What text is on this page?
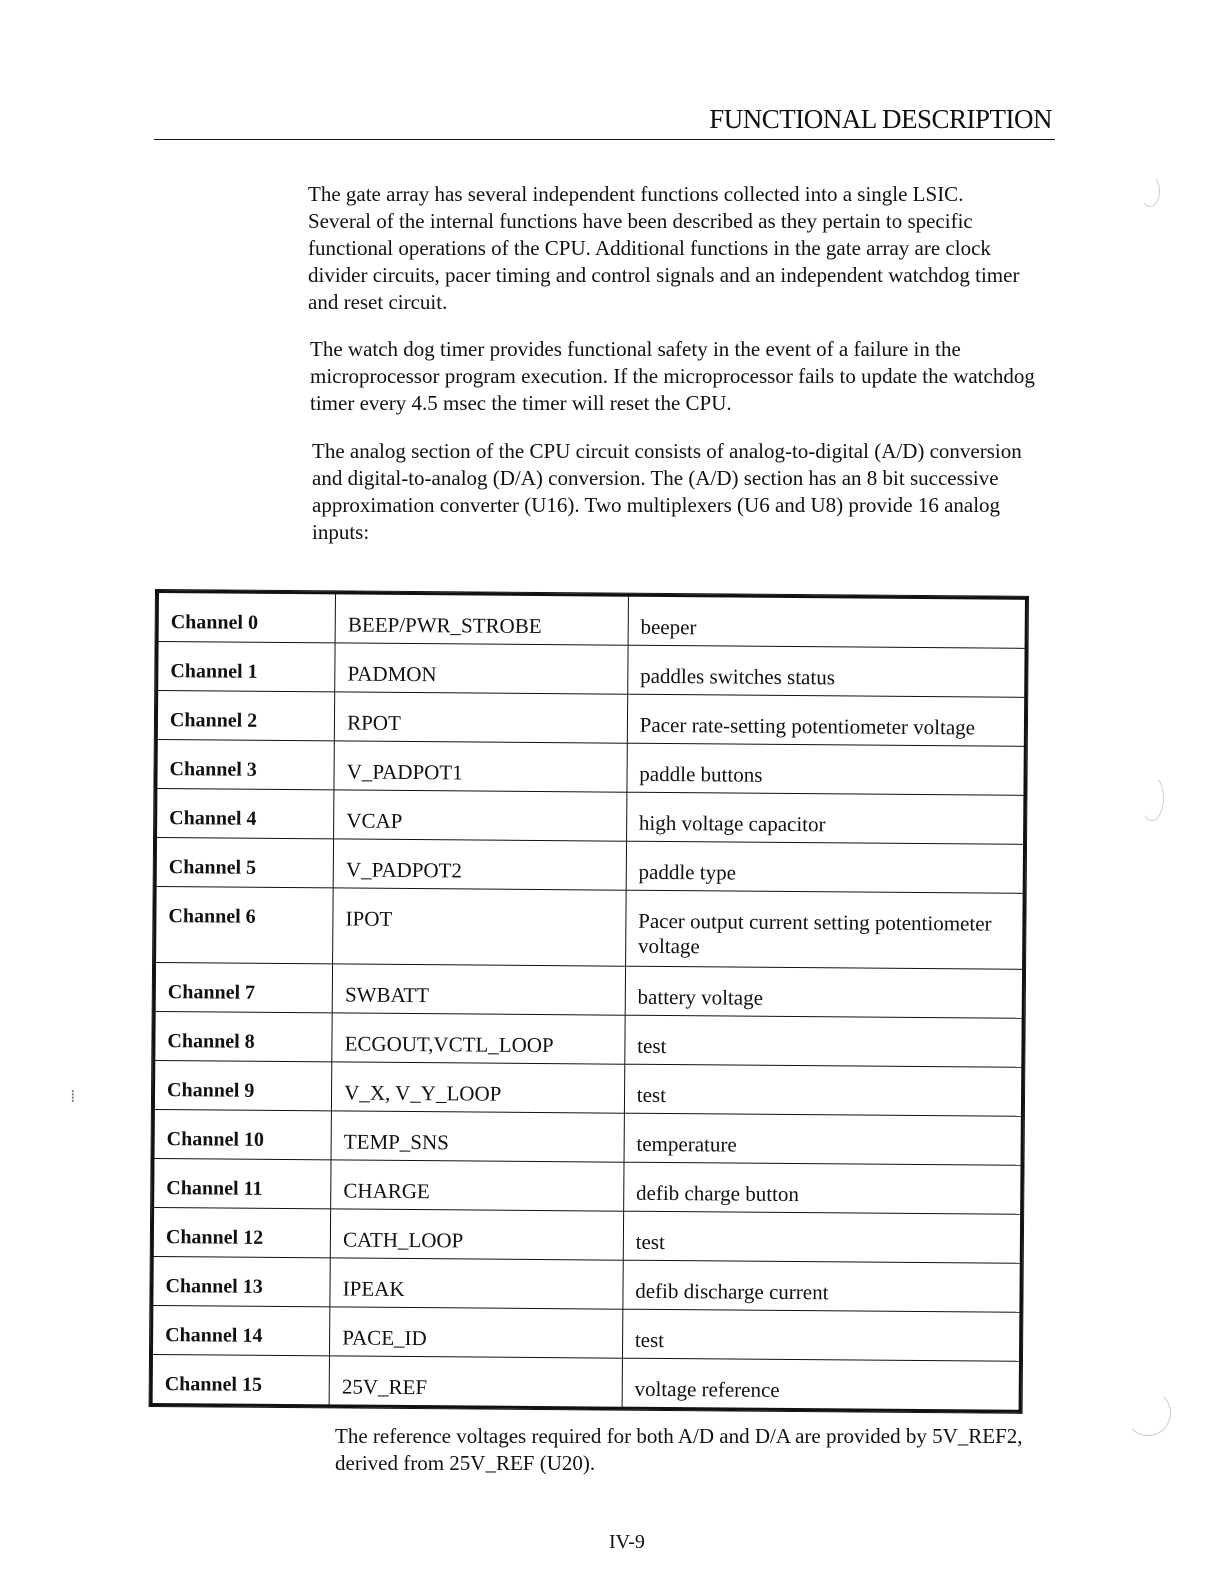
FUNCTIONAL DESCRIPTION

The gate array has several independent functions collected into a single LSIC. Several of the internal functions have been described as they pertain to specific functional operations of the CPU. Additional functions in the gate array are clock divider circuits, pacer timing and control signals and an independent watchdog timer and reset circuit.

The watch dog timer provides functional safety in the event of a failure in the microprocessor program execution. If the microprocessor fails to update the watchdog timer every 4.5 msec the timer will reset the CPU.

The analog section of the CPU circuit consists of analog-to-digital (A/D) conversion and digital-to-analog (D/A) conversion. The (A/D) section has an 8 bit successive approximation converter (U16). Two multiplexers (U6 and U8) provide 16 analog inputs:

Channel 0	BEEP/PWR_STROBE	beeper
Channel 1	PADMON	paddles switches status
Channel 2	RPOT	Pacer rate-setting potentiometer voltage
Channel 3	V_PADPOT1	paddle buttons
Channel 4	VCAP	high voltage capacitor
Channel 5	V_PADPOT2	paddle type
Channel 6	IPOT	Pacer output current setting potentiometer voltage

Channel 7	SWBATT	battery voltage
Channel 8	ECGOUT,VCTL_LOOP	test
Channel 9	V_X, V_Y_LOOP	test
Channel 10	TEMP_SNS	temperature
Channel 11	CHARGE	defib charge button
Channel 12	CATH_LOOP	test
Channel 13	IPEAK	defib discharge current
Channel 14	PACE_ID	test
Channel 15	25V_REF	voltage reference

The reference voltages required for both A/D and D/A are provided by 5V_REF2, derived from 25V_REF (U20).

IV-9
⁞
